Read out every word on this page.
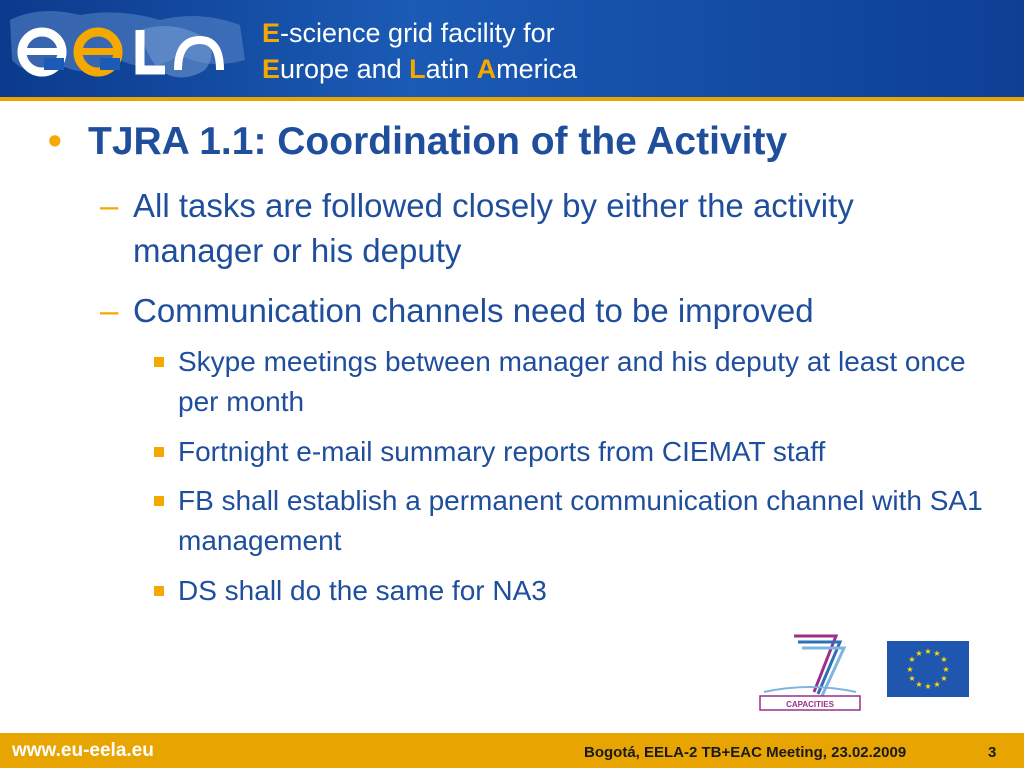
E-science grid facility for
Europe and Latin America
• TJRA 1.1: Coordination of the Activity
– All tasks are followed closely by either the activity manager or his deputy
– Communication channels need to be improved
Skype meetings between manager and his deputy at least once per month
Fortnight e-mail summary reports from CIEMAT staff
FB shall establish a permanent communication channel with SA1 management
DS shall do the same for NA3
CAPACITIES
★ ★
★
★
★
★
★
★
★
★
★
★
www.eu-eela.eu	Bogotá, EELA-2 TB+EAC Meeting, 23.02.2009	3
